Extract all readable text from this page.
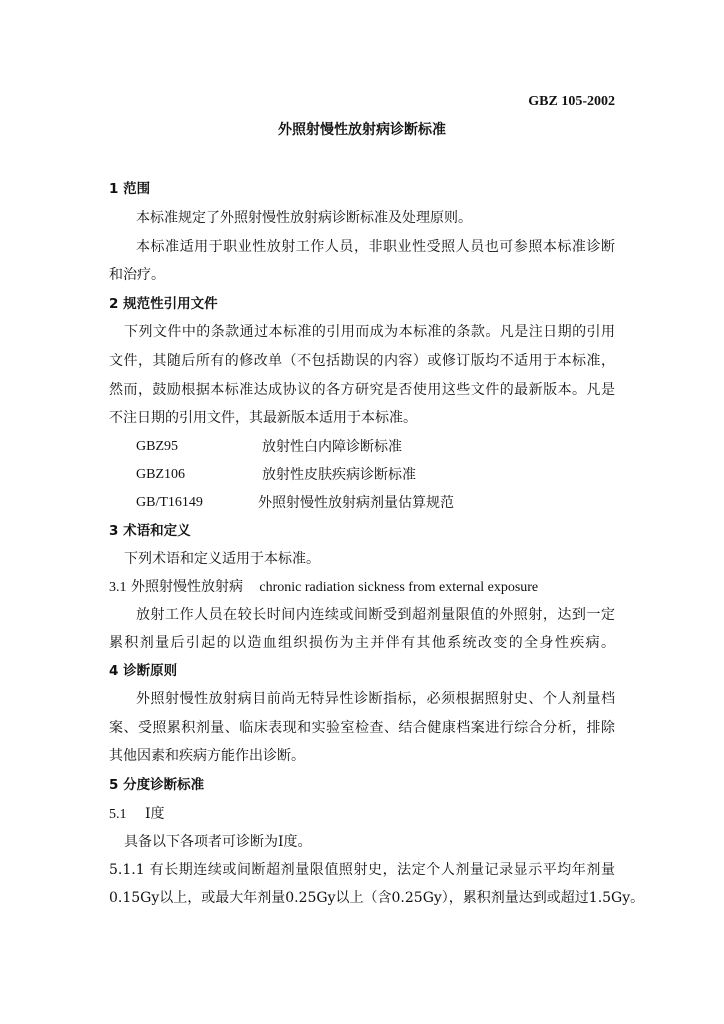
GBZ 105-2002
外照射慢性放射病诊断标准
1 范围
本标准规定了外照射慢性放射病诊断标准及处理原则。
本标准适用于职业性放射工作人员，非职业性受照人员也可参照本标准诊断
和治疗。
2 规范性引用文件
下列文件中的条款通过本标准的引用而成为本标准的条款。凡是注日期的引用
文件，其随后所有的修改单（不包括勘误的内容）或修订版均不适用于本标准，
然而，鼓励根据本标准达成协议的各方研究是否使用这些文件的最新版本。凡是
不注日期的引用文件，其最新版本适用于本标准。
GBZ95	放射性白内障诊断标准
GBZ106	放射性皮肤疾病诊断标准
GB/T16149	外照射慢性放射病剂量估算规范
3 术语和定义
下列术语和定义适用于本标准。
3.1 外照射慢性放射病 chronic radiation sickness from external exposure
放射工作人员在较长时间内连续或间断受到超剂量限值的外照射，达到一定
累积剂量后引起的以造血组织损伤为主并伴有其他系统改变的全身性疾病。
4 诊断原则
外照射慢性放射病目前尚无特异性诊断指标，必须根据照射史、个人剂量档
案、受照累积剂量、临床表现和实验室检查、结合健康档案进行综合分析，排除
其他因素和疾病方能作出诊断。
5 分度诊断标准
5.1 Ⅰ度
具备以下各项者可诊断为Ⅰ度。
5.1.1 有长期连续或间断超剂量限值照射史，法定个人剂量记录显示平均年剂量
0.15Gy以上，或最大年剂量0.25Gy以上（含0.25Gy），累积剂量达到或超过1.5Gy。
